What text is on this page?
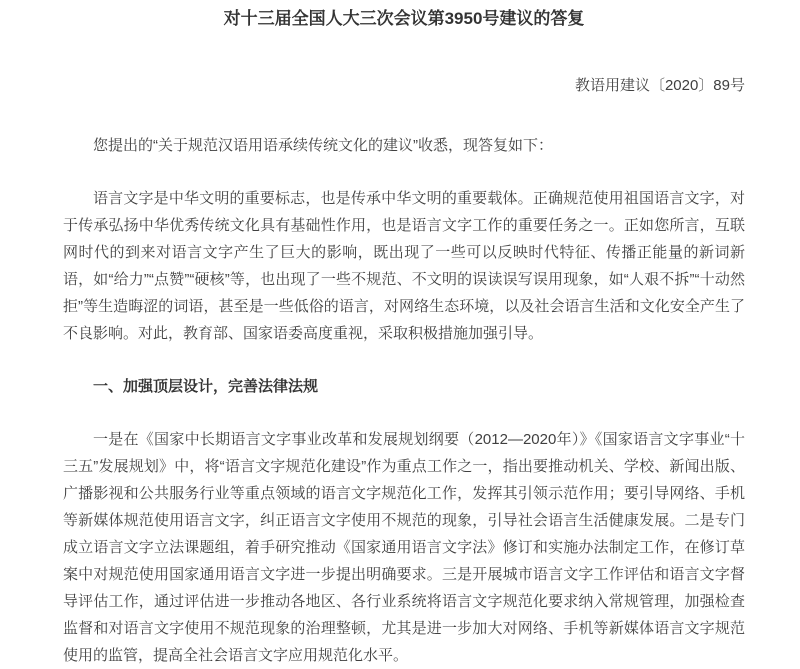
对十三届全国人大三次会议第3950号建议的答复
教语用建议〔2020〕89号

您提出的“关于规范汉语用语承续传统文化的建议”收悉，现答复如下：

语言文字是中华文明的重要标志，也是传承中华文明的重要载体。正确规范使用祖国语言文字，对于传承弘扬中华优秀传统文化具有基础性作用，也是语言文字工作的重要任务之一。正如您所言，互联网时代的到来对语言文字产生了巨大的影响，既出现了一些可以反映时代特征、传播正能量的新词新语，如“给力”“点赞”“硬核”等，也出现了一些不规范、不文明的误读误写误用现象，如“人艰不拆”“十动然拒”等生造晦涩的词语，甚至是一些低俗的语言，对网络生态环境，以及社会语言生活和文化安全产生了不良影响。对此，教育部、国家语委高度重视，采取积极措施加强引导。

一、加强顶层设计，完善法律法规

一是在《国家中长期语言文字事业改革和发展规划纲要（2012—2020年）》《国家语言文字事业“十三五”发展规划》中，将“语言文字规范化建设”作为重点工作之一，指出要推动机关、学校、新闻出版、广播影视和公共服务行业等重点领域的语言文字规范化工作，发挥其引领示范作用；要引导网络、手机等新媒体规范使用语言文字，纠正语言文字使用不规范的现象，引导社会语言生活健康发展。二是专门成立语言文字立法课题组，着手研究推动《国家通用语言文字法》修订和实施办法制定工作，在修订草案中对规范使用国家通用语言文字进一步提出明确要求。三是开展城市语言文字工作评估和语言文字督导评估工作，通过评估进一步推动各地区、各行业系统将语言文字规范化要求纳入常规管理，加强检查监督和对语言文字使用不规范现象的治理整顿，尤其是进一步加大对网络、手机等新媒体语言文字规范使用的监管，提高全社会语言文字应用规范化水平。
